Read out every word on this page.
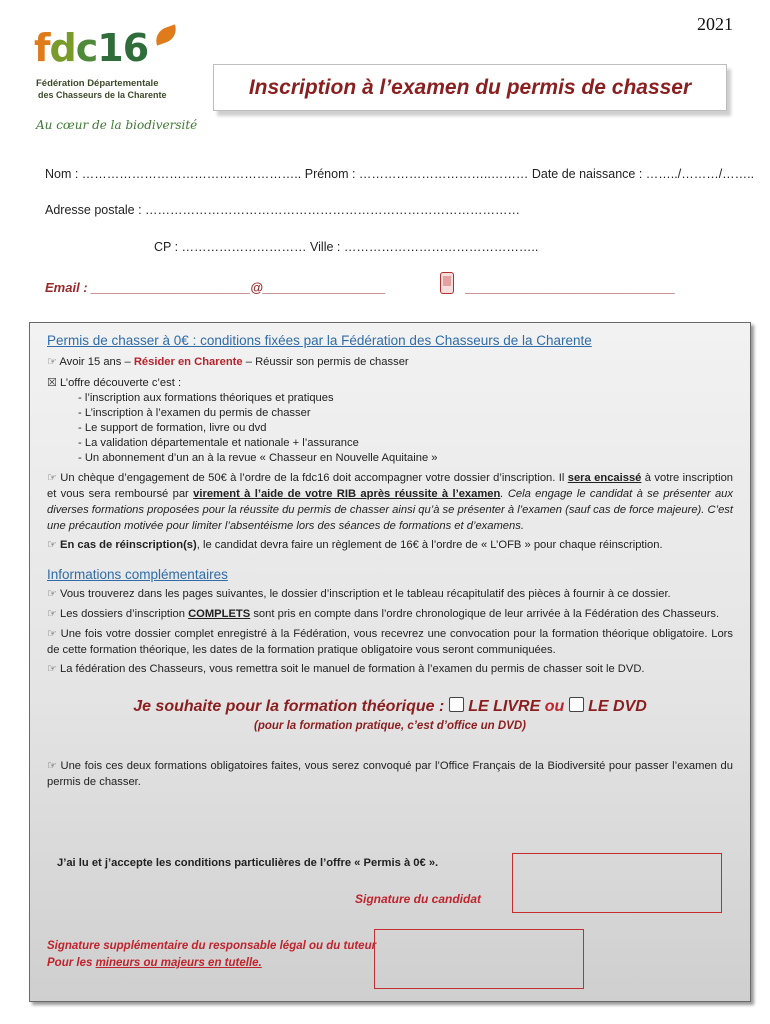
2021
fdc16
Fédération Départementale
des Chasseurs de la Charente
Au cœur de la biodiversité
Inscription à l’examen du permis de chasser
Nom : …………………………………………….. Prénom : …………………………..……… Date de naissance : ……../………/……..
Adresse postale : ………………………………………………………………………………
CP : ………………………… Ville : ………………………………………..
Email : ______________________@_________________	_____________________________
Permis de chasser à 0€ : conditions fixées par la Fédération des Chasseurs de la Charente

☞ Avoir 15 ans – Résider en Charente – Réussir son permis de chasser

☒ L’offre découverte c’est :

- l’inscription aux formations théoriques et pratiques
- L’inscription à l’examen du permis de chasser
- Le support de formation, livre ou dvd
- La validation départementale et nationale + l’assurance
- Un abonnement d’un an à la revue « Chasseur en Nouvelle Aquitaine »

☞ Un chèque d’engagement de 50€ à l’ordre de la fdc16 doit accompagner votre dossier d’inscription. Il sera encaissé à votre inscription et vous sera remboursé par virement à l’aide de votre RIB après réussite à l’examen. Cela engage le candidat à se présenter aux diverses formations proposées pour la réussite du permis de chasser ainsi qu’à se présenter à l’examen (sauf cas de force majeure). C’est une précaution motivée pour limiter l’absentéisme lors des séances de formations et d’examens.

☞ En cas de réinscription(s), le candidat devra faire un règlement de 16€ à l’ordre de « L’OFB » pour chaque réinscription.

Informations complémentaires

☞ Vous trouverez dans les pages suivantes, le dossier d’inscription et le tableau récapitulatif des pièces à fournir à ce dossier.

☞ Les dossiers d’inscription COMPLETS sont pris en compte dans l’ordre chronologique de leur arrivée à la Fédération des Chasseurs.

☞ Une fois votre dossier complet enregistré à la Fédération, vous recevrez une convocation pour la formation théorique obligatoire. Lors de cette formation théorique, les dates de la formation pratique obligatoire vous seront communiquées.

☞ La fédération des Chasseurs, vous remettra soit le manuel de formation à l’examen du permis de chasser soit le DVD.

Je souhaite pour la formation théorique :  LE LIVRE ou  LE DVD
(pour la formation pratique, c’est d’office un DVD)

☞ Une fois ces deux formations obligatoires faites, vous serez convoqué par l’Office Français de la Biodiversité pour passer l’examen du permis de chasser.

J’ai lu et j’accepte les conditions particulières de l’offre « Permis à 0€ ».
Signature du candidat
Signature supplémentaire du responsable légal ou du tuteur Pour les mineurs ou majeurs en tutelle.
